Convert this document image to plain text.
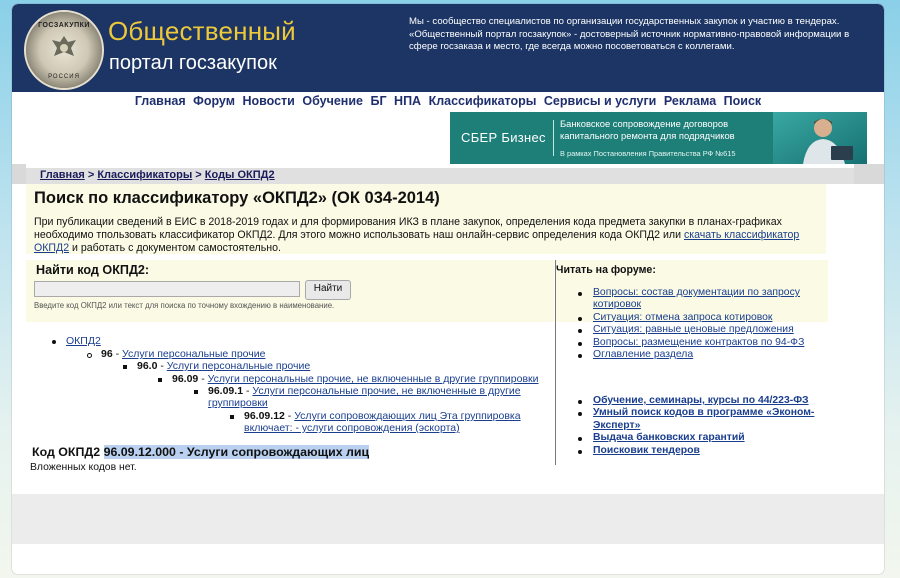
ГОСЗАКУПКИ
РОССИЯ
Общественный
портал госзакупок
Мы - сообщество специалистов по организации государственных закупок и участию в тендерах. «Общественный портал госзакупок» - достоверный источник нормативно-правовой информации в сфере госзаказа и место, где всегда можно посоветоваться с коллегами.
Главная Форум Новости Обучение БГ НПА Классификаторы Сервисы и услуги Реклама Поиск
СБЕР Бизнес
Банковское сопровождение договоров капитального ремонта для подрядчиков
В рамках Постановления Правительства РФ №615
Главная > Классификаторы > Коды ОКПД2
Поиск по классификатору «ОКПД2» (ОК 034-2014)
При публикации сведений в ЕИС в 2018-2019 годах и для формирования ИКЗ в плане закупок, определения кода предмета закупки в планах-графиках необходимо тпользовать классификатор ОКПД2. Для этого можно использовать наш онлайн-сервис определения кода ОКПД2 или скачать классификатор ОКПД2 и работать с документом самостоятельно.
Найти код ОКПД2:
Найти
Введите код ОКПД2 или текст для поиска по точному вхождению в наименование.
Читать на форуме:
Вопросы: состав документации по запросу котировок
Ситуация: отмена запроса котировок
Ситуация: равные ценовые предложения
Вопросы: размещение контрактов по 94-ФЗ
Оглавление раздела
Обучение, семинары, курсы по 44/223-ФЗ
Умный поиск кодов в программе «Эконом-Эксперт»
Выдача банковских гарантий
Поисковик тендеров
ОКПД2
96 - Услуги персональные прочие
96.0 - Услуги персональные прочие
96.09 - Услуги персональные прочие, не включенные в другие группировки
96.09.1 - Услуги персональные прочие, не включенные в другие
группировки
96.09.12 - Услуги сопровождающих лиц Эта группировка
включает: - услуги сопровождения (эскорта)
Код ОКПД2 96.09.12.000 - Услуги сопровождающих лиц
Вложенных кодов нет.
